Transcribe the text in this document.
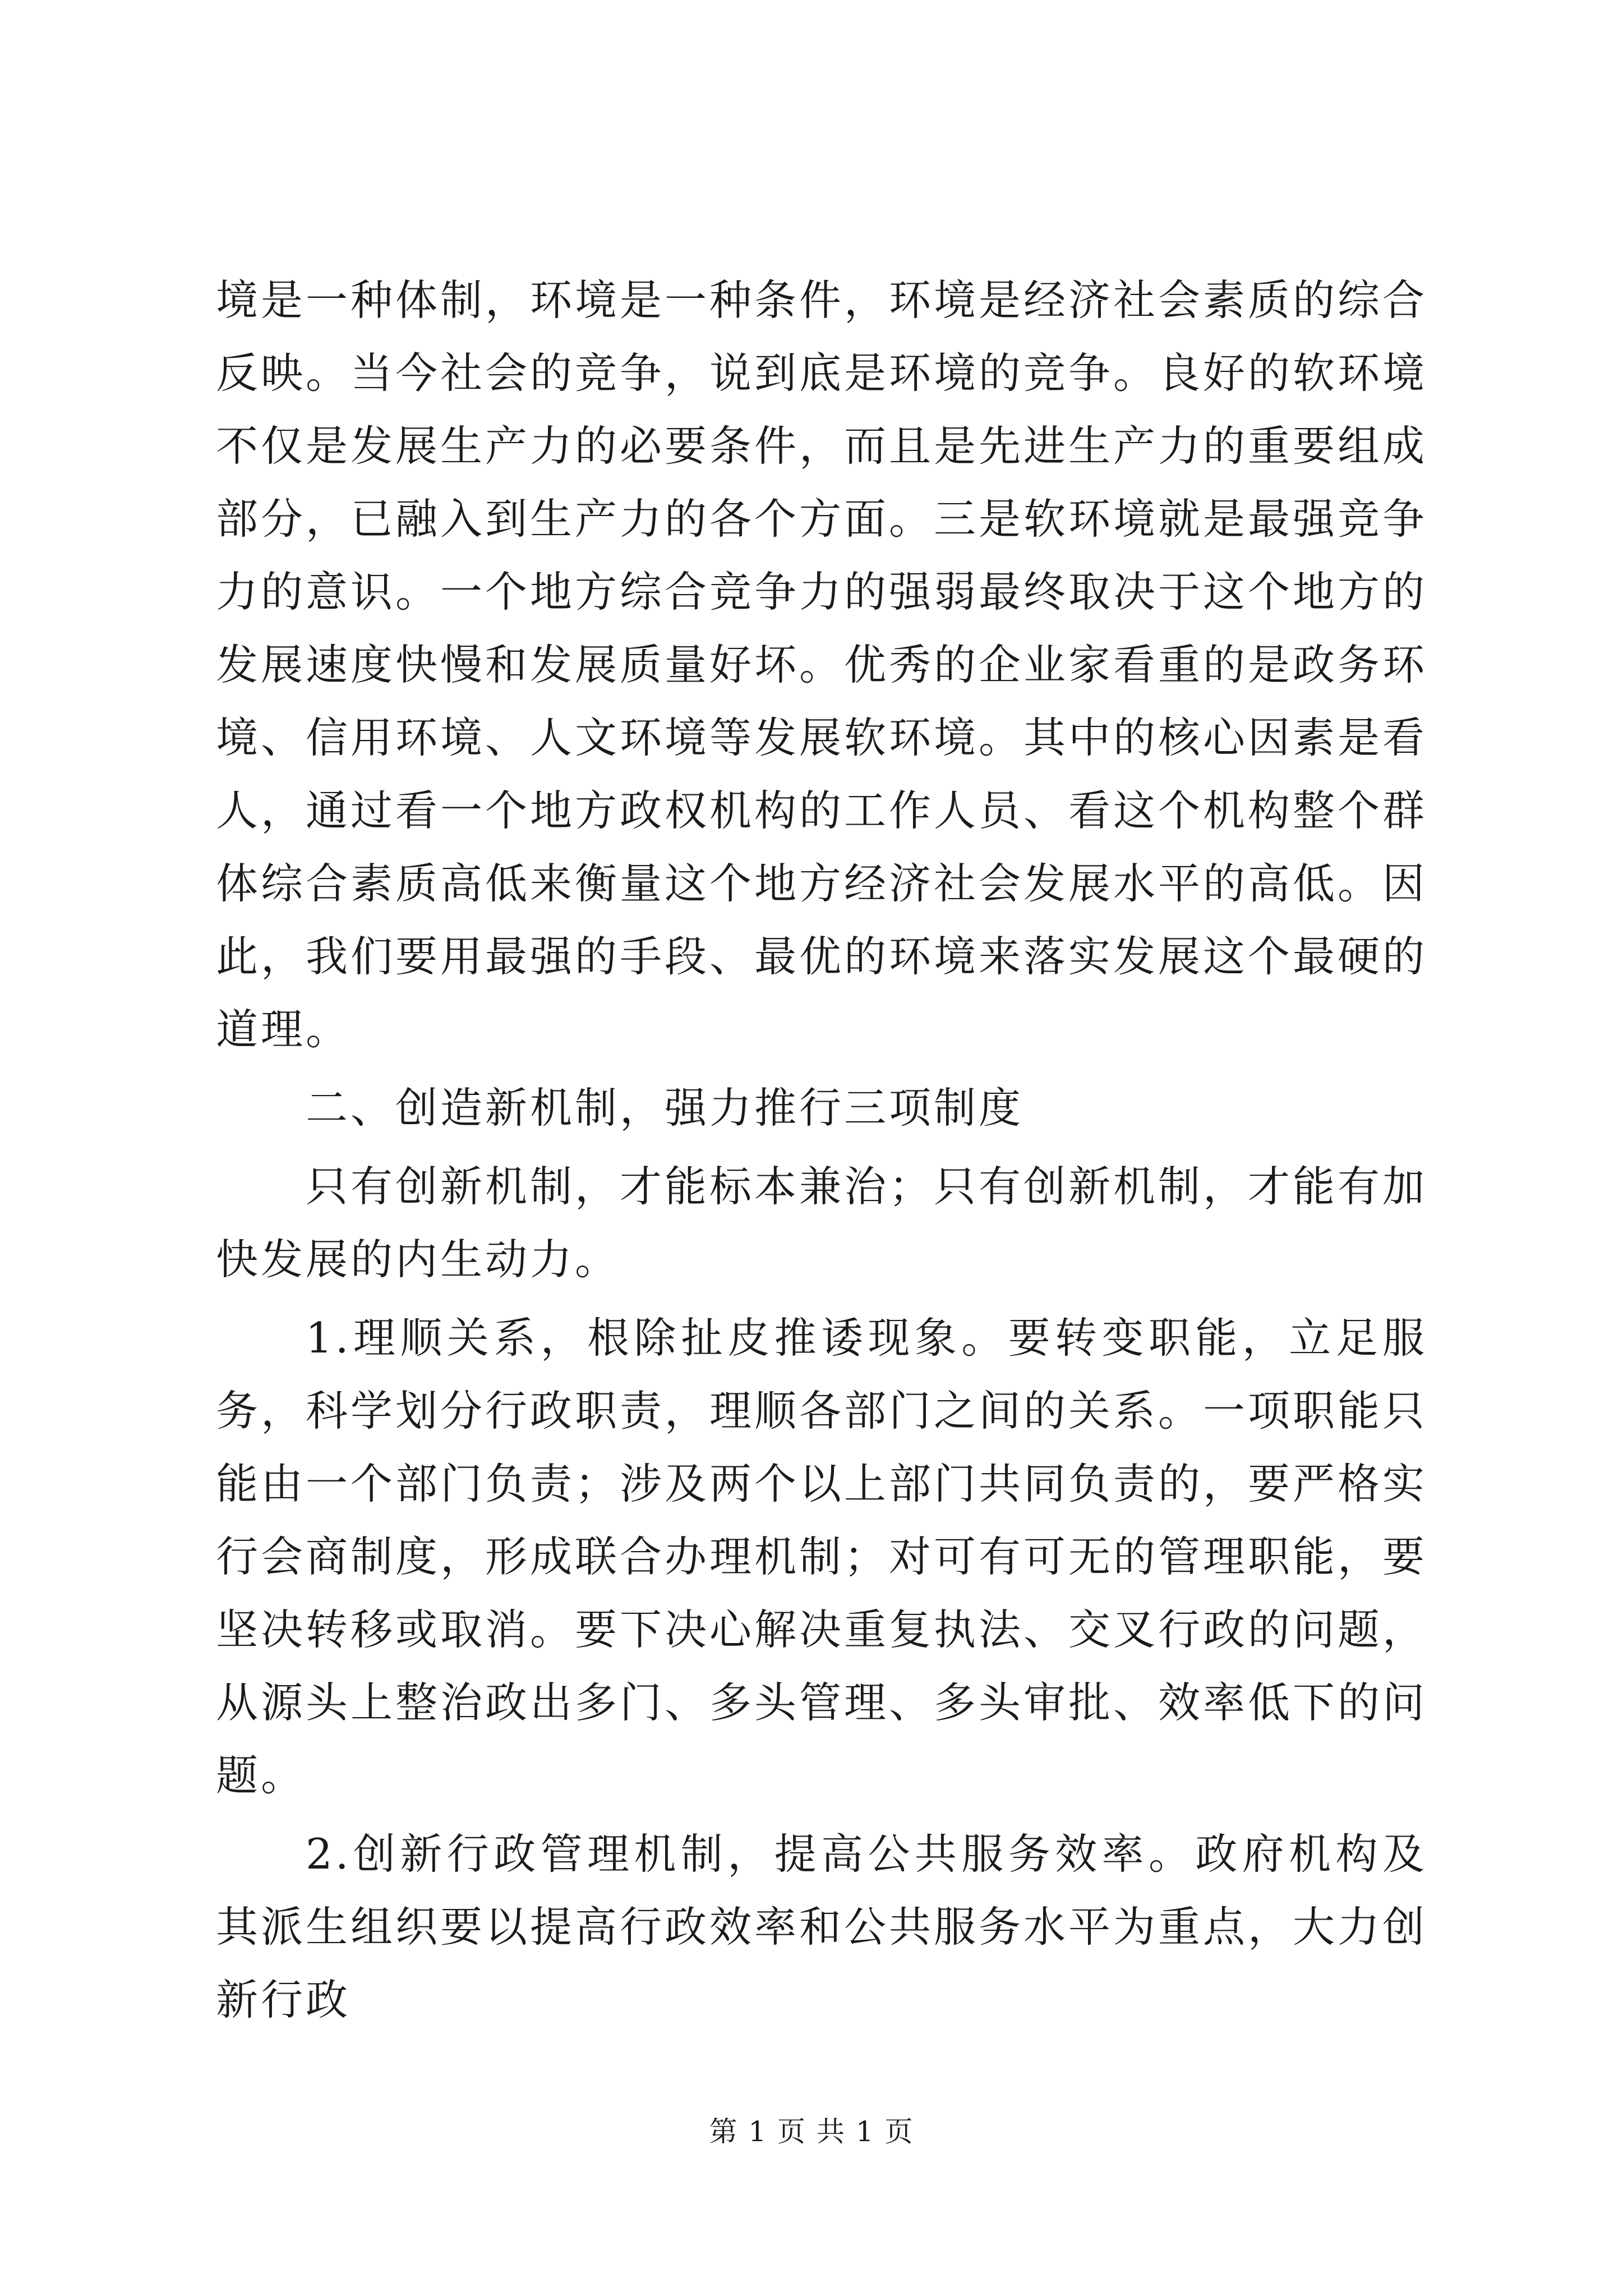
境是一种体制，环境是一种条件，环境是经济社会素质的综合反映。当今社会的竞争，说到底是环境的竞争。良好的软环境不仅是发展生产力的必要条件，而且是先进生产力的重要组成部分，已融入到生产力的各个方面。三是软环境就是最强竞争力的意识。一个地方综合竞争力的强弱最终取决于这个地方的发展速度快慢和发展质量好坏。优秀的企业家看重的是政务环境、信用环境、人文环境等发展软环境。其中的核心因素是看人，通过看一个地方政权机构的工作人员、看这个机构整个群体综合素质高低来衡量这个地方经济社会发展水平的高低。因此，我们要用最强的手段、最优的环境来落实发展这个最硬的道理。

二、创造新机制，强力推行三项制度

只有创新机制，才能标本兼治；只有创新机制，才能有加快发展的内生动力。

1.理顺关系，根除扯皮推诿现象。要转变职能，立足服务，科学划分行政职责，理顺各部门之间的关系。一项职能只能由一个部门负责；涉及两个以上部门共同负责的，要严格实行会商制度，形成联合办理机制；对可有可无的管理职能，要坚决转移或取消。要下决心解决重复执法、交叉行政的问题，从源头上整治政出多门、多头管理、多头审批、效率低下的问题。

2.创新行政管理机制，提高公共服务效率。政府机构及其派生组织要以提高行政效率和公共服务水平为重点，大力创新行政

第 1 页 共 1 页
